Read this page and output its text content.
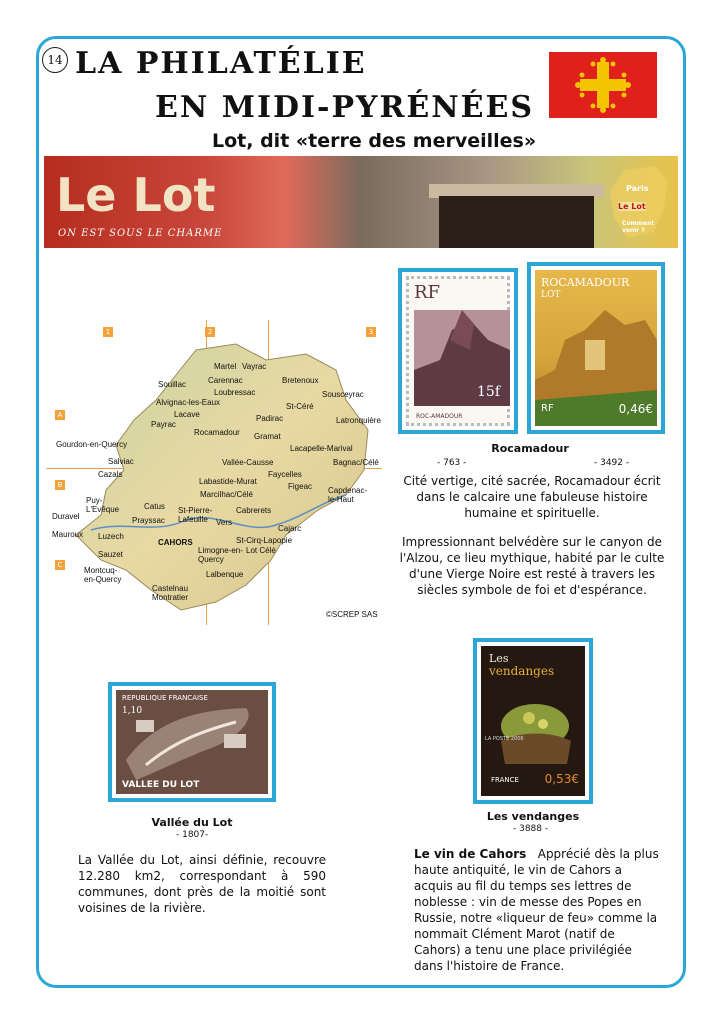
14 LA PHILATÉLIE
EN MIDI-PYRÉNÉES
Lot, dit «terre des merveilles»
Le Lot
ON EST SOUS LE CHARME
Paris
Le Lot
Comment venir ?
1	2	3
A
B
C
Martel Vayrac
Carennac
Souillac
Loubressac
Bretenoux
Sousceyrac
Alvignac-les-Eaux	St-Céré
Lacave
Latronquière
Padirac
Payrac
Rocamadour Gramat
Gourdon-en-Quercy	Lacapelle-Marival
Salviac	Vallée-Causse	Bagnac/Célé
Cazals	Faycelles
Labastide-Murat
Figeac Capdenac-le-Haut
Puy-L'Evêque	Catus
Marcilhac/Célé
Duravel	Prayssac
St-Pierre-Lafeuille
Cabrerets
Mauroux Luzech
Vers
Cajarc
CAHORS	St-Cirq-Lapopie
Sauzet	Limogne-en-Quercy
Lot Célé
Montcuq-en-Quercy
Lalbenque
Castelnau Montratier
©SCREP SAS
RF
15f
ROC-AMADOUR
ROCAMADOUR
LOT
RF	0,46€
Rocamadour
- 763 -	- 3492 -
Cité vertige, cité sacrée, Rocamadour écrit dans le calcaire une fabuleuse histoire humaine et spirituelle.
Impressionnant belvédère sur le canyon de l'Alzou, ce lieu mythique, habité par le culte d'une Vierge Noire est resté à travers les siècles symbole de foi et d'espérance.
REPUBLIQUE FRANCAISE
1,10
VALLEE DU LOT
Vallée du Lot
- 1807-
La Vallée du Lot, ainsi définie, recouvre 12.280 km2, correspondant à 590 communes, dont près de la moitié sont voisines de la rivière.
Les
vendanges
LA POSTE 2006
FRANCE 0,53€
Les vendanges
- 3888 -
Le vin de Cahors Apprécié dès la plus haute antiquité, le vin de Cahors a acquis au fil du temps ses lettres de noblesse : vin de messe des Popes en Russie, notre «liqueur de feu» comme la nommait Clément Marot (natif de Cahors) a tenu une place privilégiée dans l'histoire de France.
